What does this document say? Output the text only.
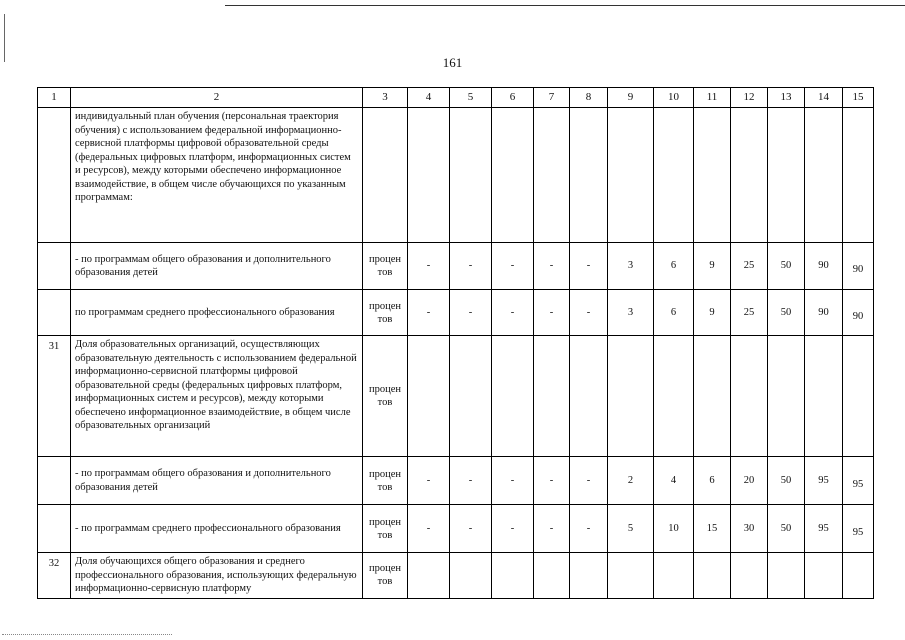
161
1	2	3	4	5	6	7	8	9	10	11	12	13	14	15
	индивидуальный план обучения (персональная траектория обучения) с использованием федеральной информационно-сервисной платформы цифровой образовательной среды (федеральных цифровых платформ, информационных систем и ресурсов), между которыми обеспечено информационное взаимодействие, в общем числе обучающихся по указанным программам:													
	- по программам общего образования и дополнительного образования детей	процен тов	-	-	-	-	-	3	6	9	25	50	90	90
	по программам среднего профессионального образования	процен тов	-	-	-	-	-	3	6	9	25	50	90	90
31	Доля образовательных организаций, осуществляющих образовательную деятельность с использованием федеральной информационно-сервисной платформы цифровой образовательной среды (федеральных цифровых платформ, информационных систем и ресурсов), между которыми обеспечено информационное взаимодействие, в общем числе образовательных организаций	процен тов												
	- по программам общего образования и дополнительного образования детей	процен тов	-	-	-	-	-	2	4	6	20	50	95	95
	- по программам среднего профессионального образования	процен тов	-	-	-	-	-	5	10	15	30	50	95	95
32	Доля обучающихся общего образования и среднего профессионального образования, использующих федеральную информационно-сервисную платформу	процен тов												
